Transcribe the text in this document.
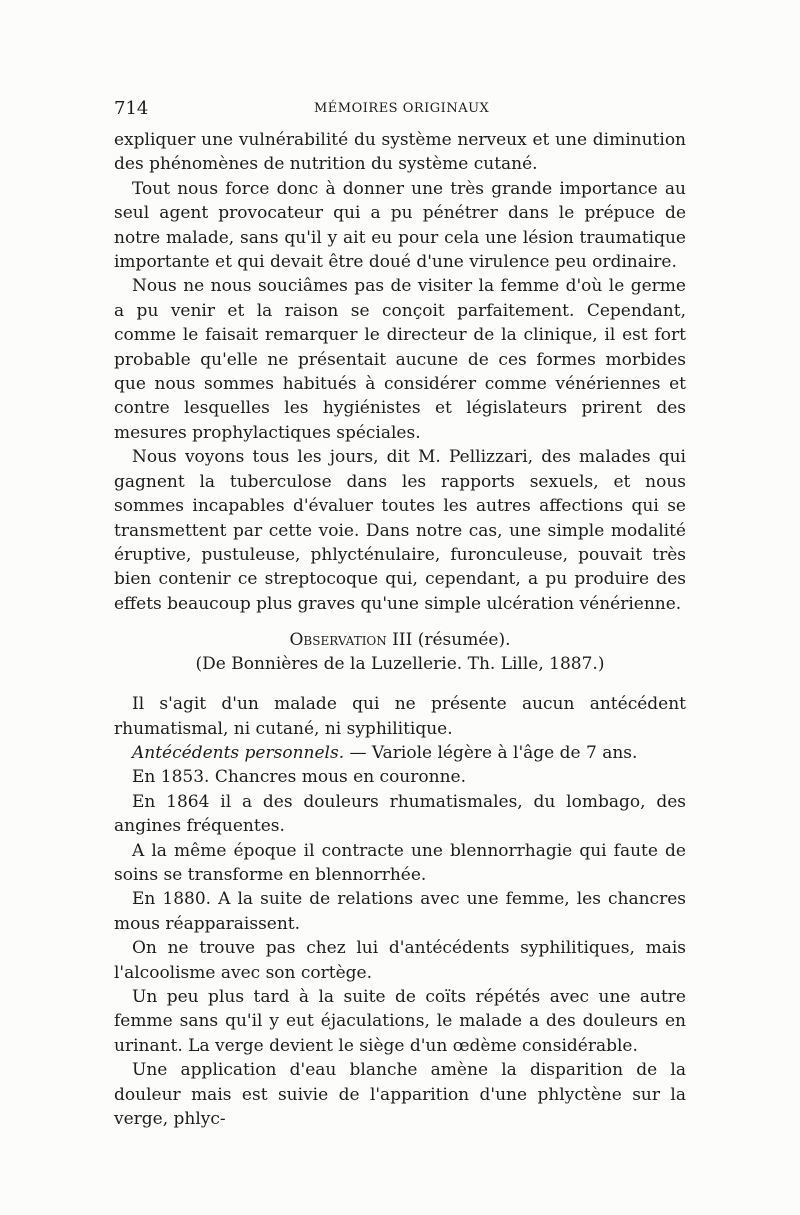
714	MÉMOIRES ORIGINAUX

expliquer une vulnérabilité du système nerveux et une diminution des phénomènes de nutrition du système cutané.

Tout nous force donc à donner une très grande importance au seul agent provocateur qui a pu pénétrer dans le prépuce de notre malade, sans qu'il y ait eu pour cela une lésion traumatique importante et qui devait être doué d'une virulence peu ordinaire.

Nous ne nous souciâmes pas de visiter la femme d'où le germe a pu venir et la raison se conçoit parfaitement. Cependant, comme le faisait remarquer le directeur de la clinique, il est fort probable qu'elle ne présentait aucune de ces formes morbides que nous sommes habitués à considérer comme vénériennes et contre lesquelles les hygiénistes et législateurs prirent des mesures prophylactiques spéciales.

Nous voyons tous les jours, dit M. Pellizzari, des malades qui gagnent la tuberculose dans les rapports sexuels, et nous sommes incapables d'évaluer toutes les autres affections qui se transmettent par cette voie. Dans notre cas, une simple modalité éruptive, pustuleuse, phlycténulaire, furonculeuse, pouvait très bien contenir ce streptocoque qui, cependant, a pu produire des effets beaucoup plus graves qu'une simple ulcération vénérienne.

Observation III (résumée).
(De Bonnières de la Luzellerie. Th. Lille, 1887.)

Il s'agit d'un malade qui ne présente aucun antécédent rhumatismal, ni cutané, ni syphilitique.

Antécédents personnels. — Variole légère à l'âge de 7 ans.

En 1853. Chancres mous en couronne.

En 1864 il a des douleurs rhumatismales, du lombago, des angines fréquentes.

A la même époque il contracte une blennorrhagie qui faute de soins se transforme en blennorrhée.

En 1880. A la suite de relations avec une femme, les chancres mous réapparaissent.

On ne trouve pas chez lui d'antécédents syphilitiques, mais l'alcoolisme avec son cortège.

Un peu plus tard à la suite de coïts répétés avec une autre femme sans qu'il y eut éjaculations, le malade a des douleurs en urinant. La verge devient le siège d'un œdème considérable.

Une application d'eau blanche amène la disparition de la douleur mais est suivie de l'apparition d'une phlyctène sur la verge, phlyc-
